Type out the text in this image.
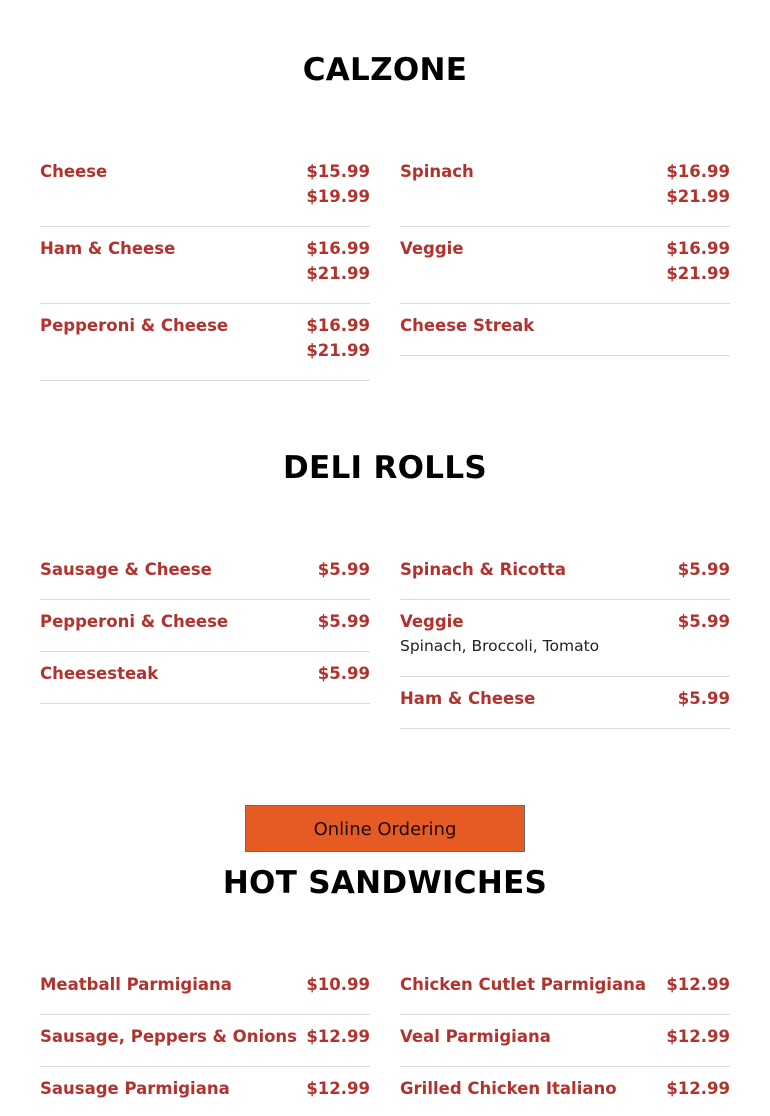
CALZONE
Cheese	$15.99
$19.99
Ham & Cheese	$16.99
$21.99
Pepperoni & Cheese	$16.99
$21.99
Spinach	$16.99
$21.99
Veggie	$16.99
$21.99
Cheese Streak
DELI ROLLS
Sausage & Cheese	$5.99
Pepperoni & Cheese	$5.99
Cheesesteak	$5.99
Spinach & Ricotta	$5.99
Veggie	$5.99
Spinach, Broccoli, Tomato
Ham & Cheese	$5.99
Online Ordering
HOT SANDWICHES
Meatball Parmigiana	$10.99
Sausage, Peppers & Onions $12.99
Sausage Parmigiana	$12.99
Chicken Cutlet Parmigiana $12.99
Veal Parmigiana	$12.99
Grilled Chicken Italiano	$12.99
